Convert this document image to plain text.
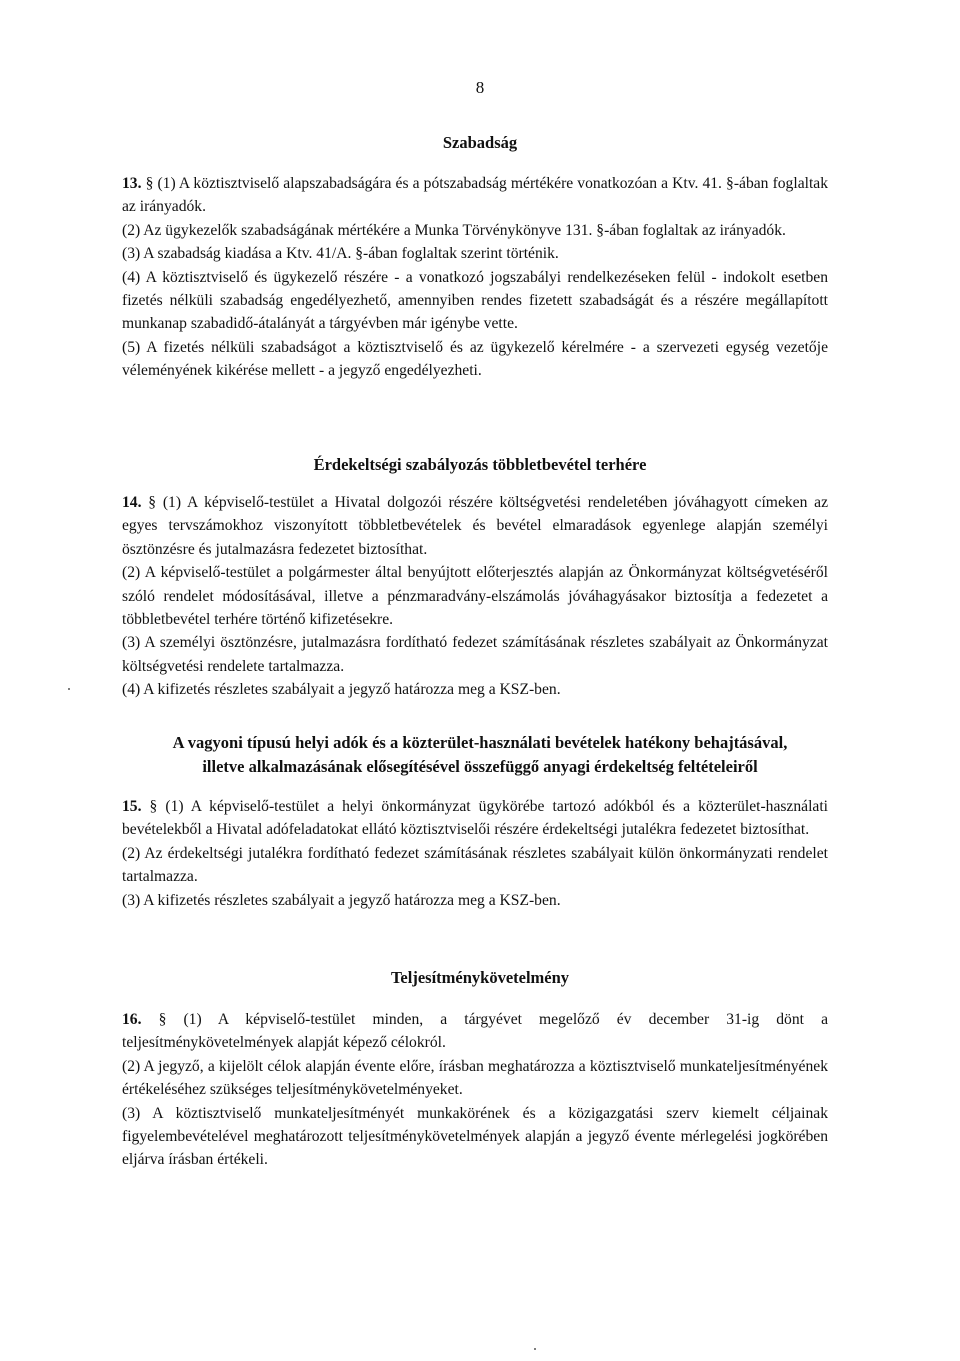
8
Szabadság

13. § (1) A köztisztviselő alapszabadságára és a pótszabadság mértékére vonatkozóan a Ktv. 41. §-ában foglaltak az irányadók.

(2) Az ügykezelők szabadságának mértékére a Munka Törvénykönyve 131. §-ában foglaltak az irányadók.

(3) A szabadság kiadása a Ktv. 41/A. §-ában foglaltak szerint történik.

(4) A köztisztviselő és ügykezelő részére - a vonatkozó jogszabályi rendelkezéseken felül - indokolt esetben fizetés nélküli szabadság engedélyezhető, amennyiben rendes fizetett szabadságát és a részére megállapított munkanap szabadidő-átalányát a tárgyévben már igénybe vette.

(5) A fizetés nélküli szabadságot a köztisztviselő és az ügykezelő kérelmére - a szervezeti egység vezetője véleményének kikérése mellett - a jegyző engedélyezheti.

Érdekeltségi szabályozás többletbevétel terhére

14. § (1) A képviselő-testület a Hivatal dolgozói részére költségvetési rendeletében jóváhagyott címeken az egyes tervszámokhoz viszonyított többletbevételek és bevétel elmaradások egyenlege alapján személyi ösztönzésre és jutalmazásra fedezetet biztosíthat.

(2) A képviselő-testület a polgármester által benyújtott előterjesztés alapján az Önkormányzat költségvetéséről szóló rendelet módosításával, illetve a pénzmaradvány-elszámolás jóváhagyásakor biztosítja a fedezetet a többletbevétel terhére történő kifizetésekre.

(3) A személyi ösztönzésre, jutalmazásra fordítható fedezet számításának részletes szabályait az Önkormányzat költségvetési rendelete tartalmazza.

(4) A kifizetés részletes szabályait a jegyző határozza meg a KSZ-ben.

A vagyoni típusú helyi adók és a közterület-használati bevételek hatékony behajtásával,
illetve alkalmazásának elősegítésével összefüggő anyagi érdekeltség feltételeiről

15. § (1) A képviselő-testület a helyi önkormányzat ügykörébe tartozó adókból és a közterület-használati bevételekből a Hivatal adófeladatokat ellátó köztisztviselői részére érdekeltségi jutalékra fedezetet biztosíthat.

(2) Az érdekeltségi jutalékra fordítható fedezet számításának részletes szabályait külön önkormányzati rendelet tartalmazza.

(3) A kifizetés részletes szabályait a jegyző határozza meg a KSZ-ben.

Teljesítménykövetelmény

16. § (1) A képviselő-testület minden, a tárgyévet megelőző év december 31-ig dönt a teljesítménykövetelmények alapját képező célokról.

(2) A jegyző, a kijelölt célok alapján évente előre, írásban meghatározza a köztisztviselő munkateljesítményének értékeléséhez szükséges teljesítménykövetelményeket.

(3) A köztisztviselő munkateljesítményét munkakörének és a közigazgatási szerv kiemelt céljainak figyelembevételével meghatározott teljesítménykövetelmények alapján a jegyző évente mérlegelési jogkörében eljárva írásban értékeli.
